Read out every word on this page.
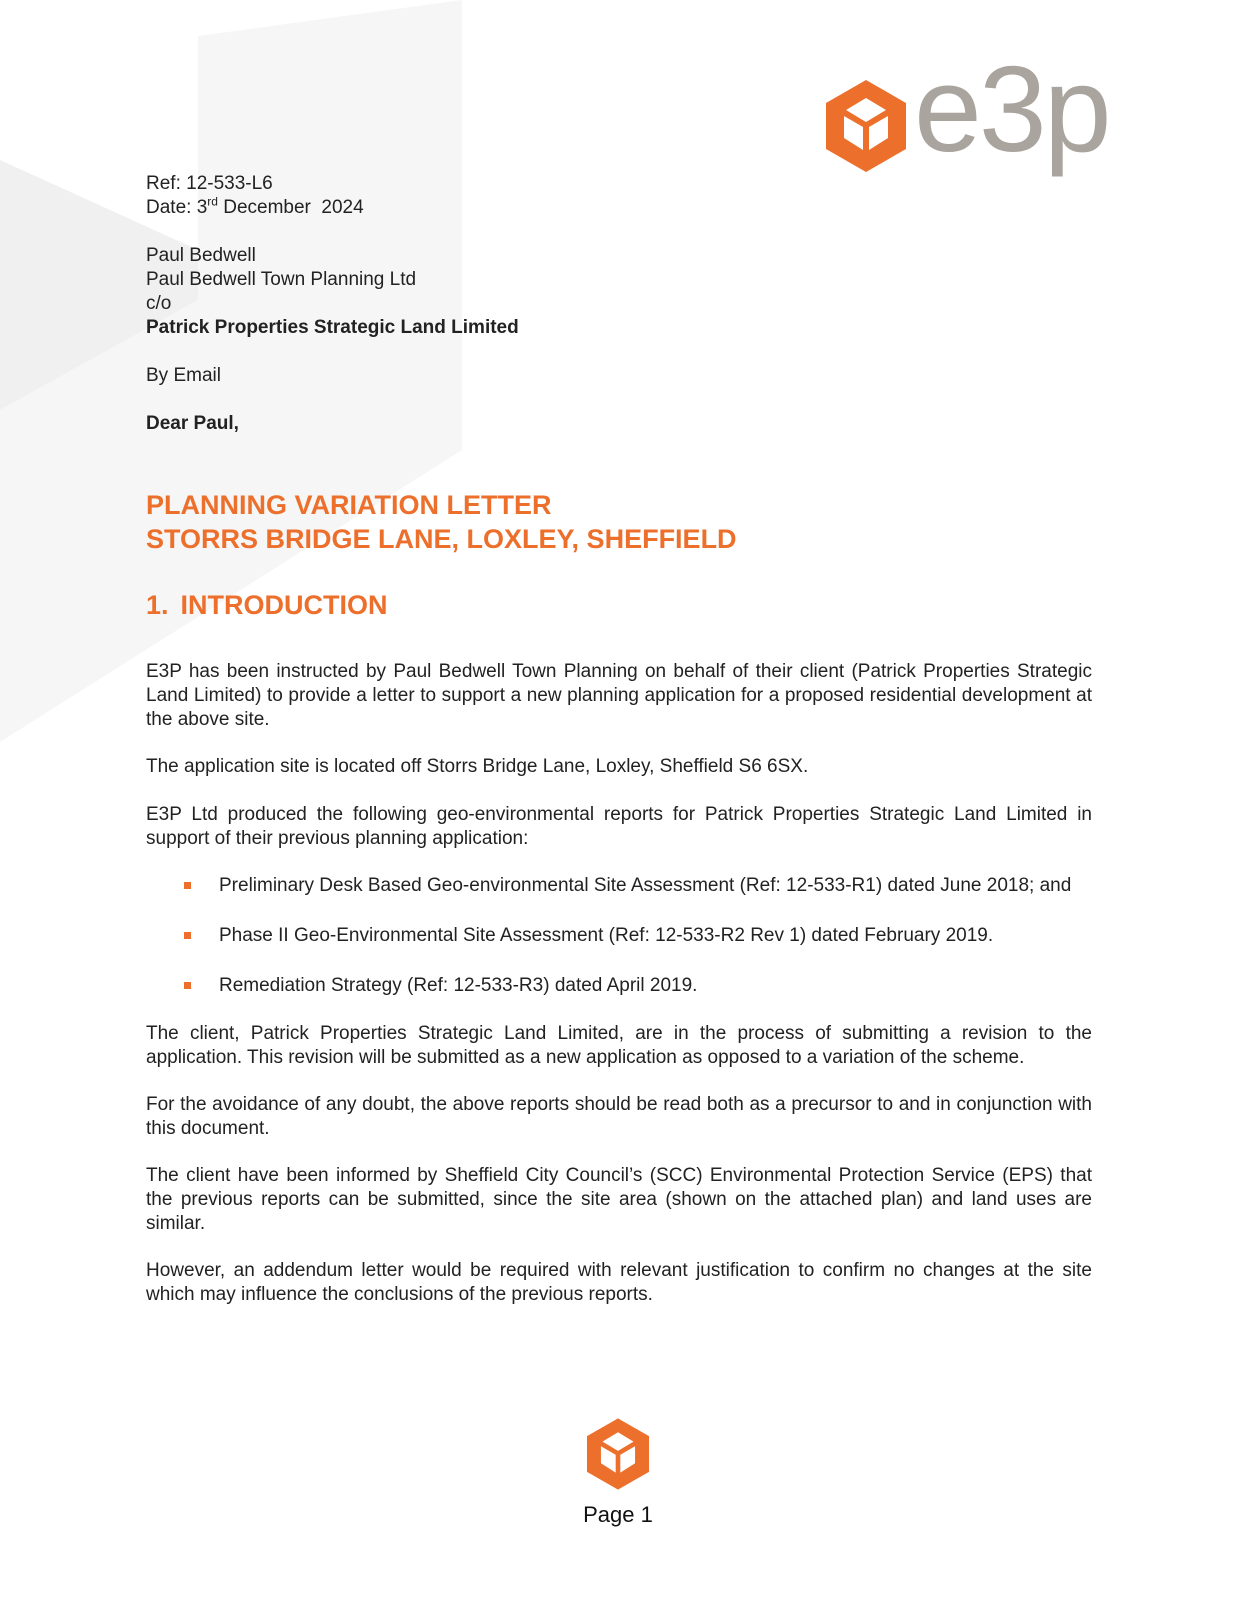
e3p

Ref: 12-533-L6

Date: 3rd December  2024

Paul Bedwell

Paul Bedwell Town Planning Ltd

c/o

Patrick Properties Strategic Land Limited

By Email

Dear Paul,

PLANNING VARIATION LETTER
STORRS BRIDGE LANE, LOXLEY, SHEFFIELD
1. INTRODUCTION

E3P has been instructed by Paul Bedwell Town Planning on behalf of their client (Patrick Properties Strategic Land Limited) to provide a letter to support a new planning application for a proposed residential development at the above site.

The application site is located off Storrs Bridge Lane, Loxley, Sheffield S6 6SX.

E3P Ltd produced the following geo-environmental reports for Patrick Properties Strategic Land Limited in support of their previous planning application:

Preliminary Desk Based Geo-environmental Site Assessment (Ref: 12-533-R1) dated June 2018; and
Phase II Geo-Environmental Site Assessment (Ref: 12-533-R2 Rev 1) dated February 2019.
Remediation Strategy (Ref: 12-533-R3) dated April 2019.

The client, Patrick Properties Strategic Land Limited, are in the process of submitting a revision to the application. This revision will be submitted as a new application as opposed to a variation of the scheme.

For the avoidance of any doubt, the above reports should be read both as a precursor to and in conjunction with this document.

The client have been informed by Sheffield City Council’s (SCC) Environmental Protection Service (EPS) that the previous reports can be submitted, since the site area (shown on the attached plan) and land uses are similar.

However, an addendum letter would be required with relevant justification to confirm no changes at the site which may influence the conclusions of the previous reports.

Page 1
